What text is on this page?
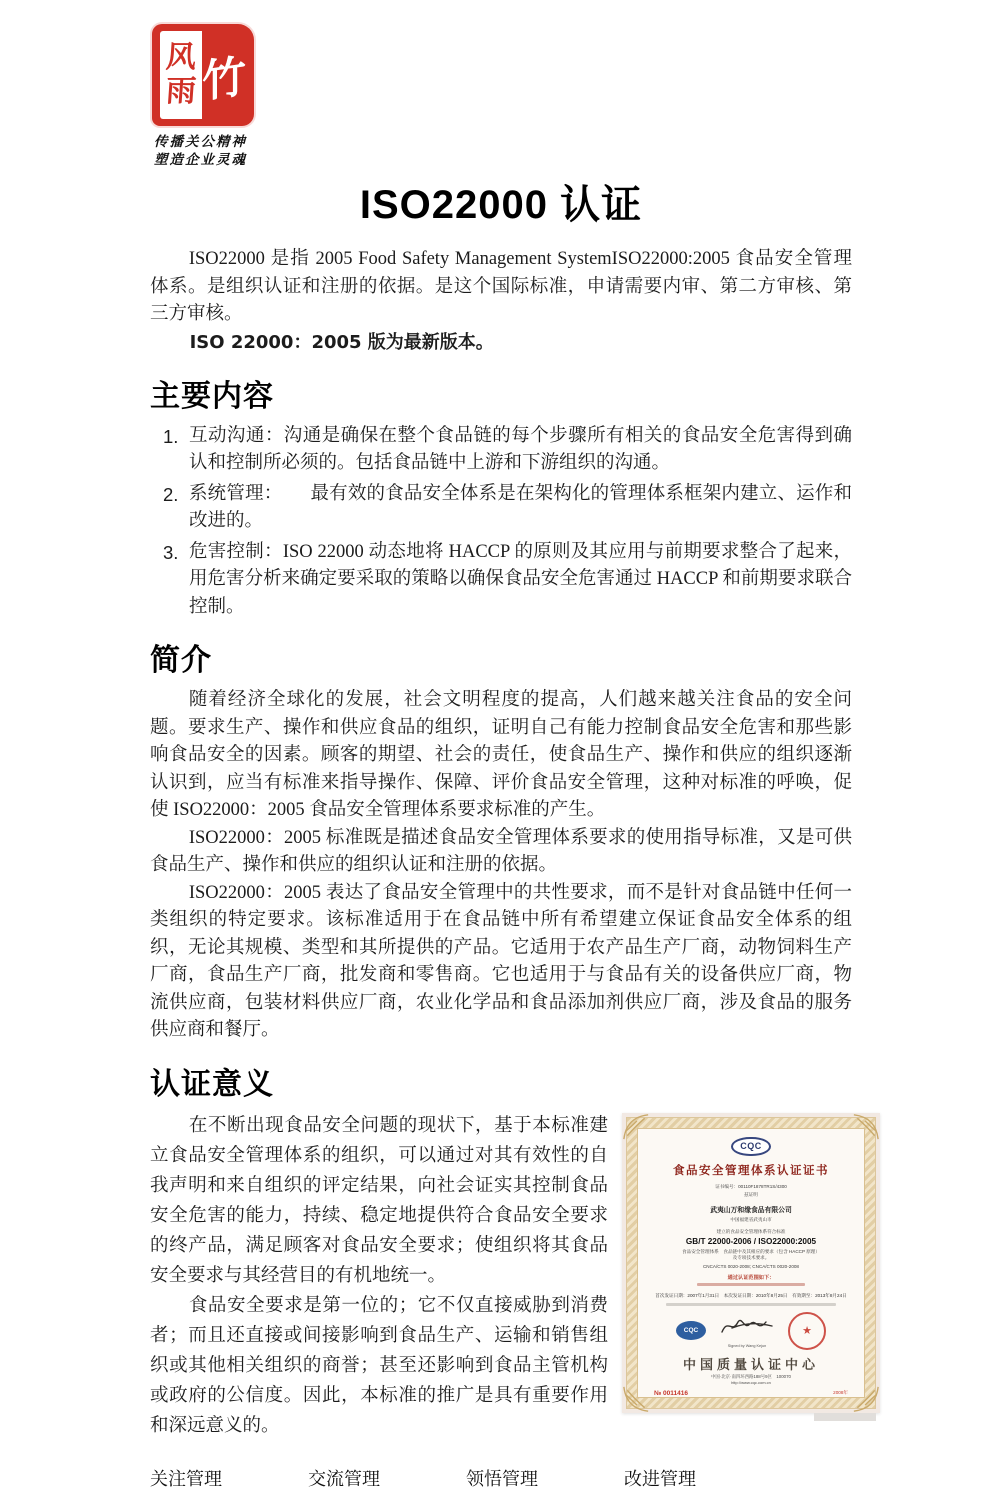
风
雨 竹
传播关公精神
塑造企业灵魂
ISO22000 认证

ISO22000 是指 2005 Food Safety Management SystemISO22000:2005 食品安全管理体系。是组织认证和注册的依据。是这个国际标准，申请需要内审、第二方审核、第三方审核。

ISO 22000：2005 版为最新版本。

主要内容
1. 互动沟通：沟通是确保在整个食品链的每个步骤所有相关的食品安全危害得到确认和控制所必须的。包括食品链中上游和下游组织的沟通。
2. 系统管理：　　最有效的食品安全体系是在架构化的管理体系框架内建立、运作和改进的。
3. 危害控制：ISO 22000 动态地将 HACCP 的原则及其应用与前期要求整合了起来，用危害分析来确定要采取的策略以确保食品安全危害通过 HACCP 和前期要求联合控制。
简介

随着经济全球化的发展，社会文明程度的提高，人们越来越关注食品的安全问题。要求生产、操作和供应食品的组织，证明自己有能力控制食品安全危害和那些影响食品安全的因素。顾客的期望、社会的责任，使食品生产、操作和供应的组织逐渐认识到，应当有标准来指导操作、保障、评价食品安全管理，这种对标准的呼唤，促使 ISO22000：2005 食品安全管理体系要求标准的产生。

ISO22000：2005 标准既是描述食品安全管理体系要求的使用指导标准，又是可供食品生产、操作和供应的组织认证和注册的依据。

ISO22000：2005 表达了食品安全管理中的共性要求，而不是针对食品链中任何一类组织的特定要求。该标准适用于在食品链中所有希望建立保证食品安全体系的组织，无论其规模、类型和其所提供的产品。它适用于农产品生产厂商，动物饲料生产厂商，食品生产厂商，批发商和零售商。它也适用于与食品有关的设备供应厂商，物流供应商，包装材料供应厂商，农业化学品和食品添加剂供应厂商，涉及食品的服务供应商和餐厅。

认证意义

在不断出现食品安全问题的现状下，基于本标准建立食品安全管理体系的组织，可以通过对其有效性的自我声明和来自组织的评定结果，向社会证实其控制食品安全危害的能力，持续、稳定地提供符合食品安全要求的终产品，满足顾客对食品安全要求；使组织将其食品安全要求与其经营目的有机地统一。

食品安全要求是第一位的；它不仅直接威胁到消费者；而且还直接或间接影响到食品生产、运输和销售组织或其他相关组织的商誉；甚至还影响到食品主管机构或政府的公信度。因此，本标准的推广是具有重要作用和深远意义的。

CQC
食品安全管理体系认证证书
证书编号：00110F1878TR1S/4300
兹证明
武夷山万和缘食品有限公司
中国福建省武夷山市
建立的食品安全管理体系符合标准
GB/T 22000-2006 / ISO22000:2005
食品安全管理体系　食品链中及其相应的要求（包含 HACCP 原理）
及专项技术要求。
CNCA/CTS 0020-2008; CNCA/CTS 0020-2008
通过认证范围如下：
首次发证日期：2007年1月31日　本次发证日期：2010年8月25日　有效期至：2013年8月24日
CQC
Signed by Wang Kejun
★
中国质量认证中心
中国·北京·南四环西路188号9区　100070
http://www.cqc.com.cn
№ 0011416	2008年
关注管理	交流管理	领悟管理	改进管理
